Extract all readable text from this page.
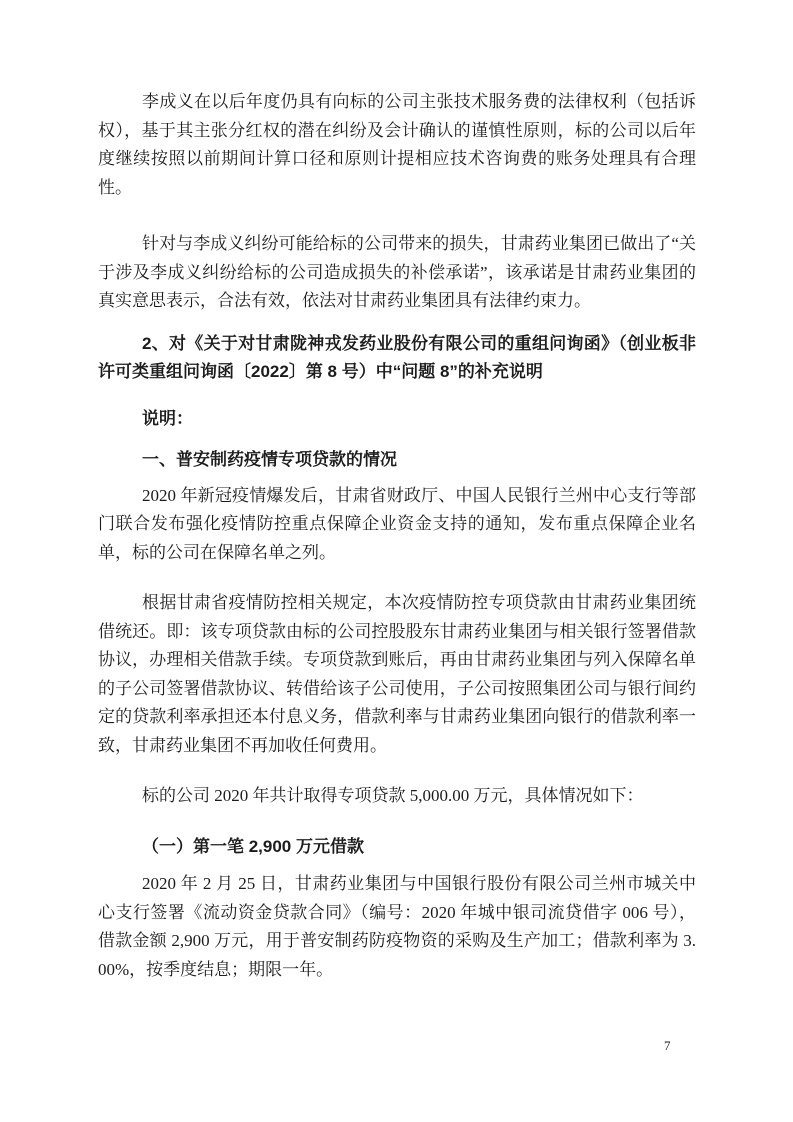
李成义在以后年度仍具有向标的公司主张技术服务费的法律权利（包括诉权），基于其主张分红权的潜在纠纷及会计确认的谨慎性原则，标的公司以后年度继续按照以前期间计算口径和原则计提相应技术咨询费的账务处理具有合理性。

针对与李成义纠纷可能给标的公司带来的损失，甘肃药业集团已做出了“关于涉及李成义纠纷给标的公司造成损失的补偿承诺”，该承诺是甘肃药业集团的真实意思表示，合法有效，依法对甘肃药业集团具有法律约束力。

2、对《关于对甘肃陇神戎发药业股份有限公司的重组问询函》（创业板非许可类重组问询函〔2022〕第 8 号）中“问题 8”的补充说明
说明：
一、普安制药疫情专项贷款的情况

2020 年新冠疫情爆发后，甘肃省财政厅、中国人民银行兰州中心支行等部门联合发布强化疫情防控重点保障企业资金支持的通知，发布重点保障企业名单，标的公司在保障名单之列。

根据甘肃省疫情防控相关规定，本次疫情防控专项贷款由甘肃药业集团统借统还。即：该专项贷款由标的公司控股股东甘肃药业集团与相关银行签署借款协议，办理相关借款手续。专项贷款到账后，再由甘肃药业集团与列入保障名单的子公司签署借款协议、转借给该子公司使用，子公司按照集团公司与银行间约定的贷款利率承担还本付息义务，借款利率与甘肃药业集团向银行的借款利率一致，甘肃药业集团不再加收任何费用。

标的公司 2020 年共计取得专项贷款 5,000.00 万元，具体情况如下：

（一）第一笔 2,900 万元借款

2020 年 2 月 25 日，甘肃药业集团与中国银行股份有限公司兰州市城关中心支行签署《流动资金贷款合同》（编号：2020 年城中银司流贷借字 006 号），借款金额 2,900 万元，用于普安制药防疫物资的采购及生产加工；借款利率为 3.00%，按季度结息；期限一年。

7
